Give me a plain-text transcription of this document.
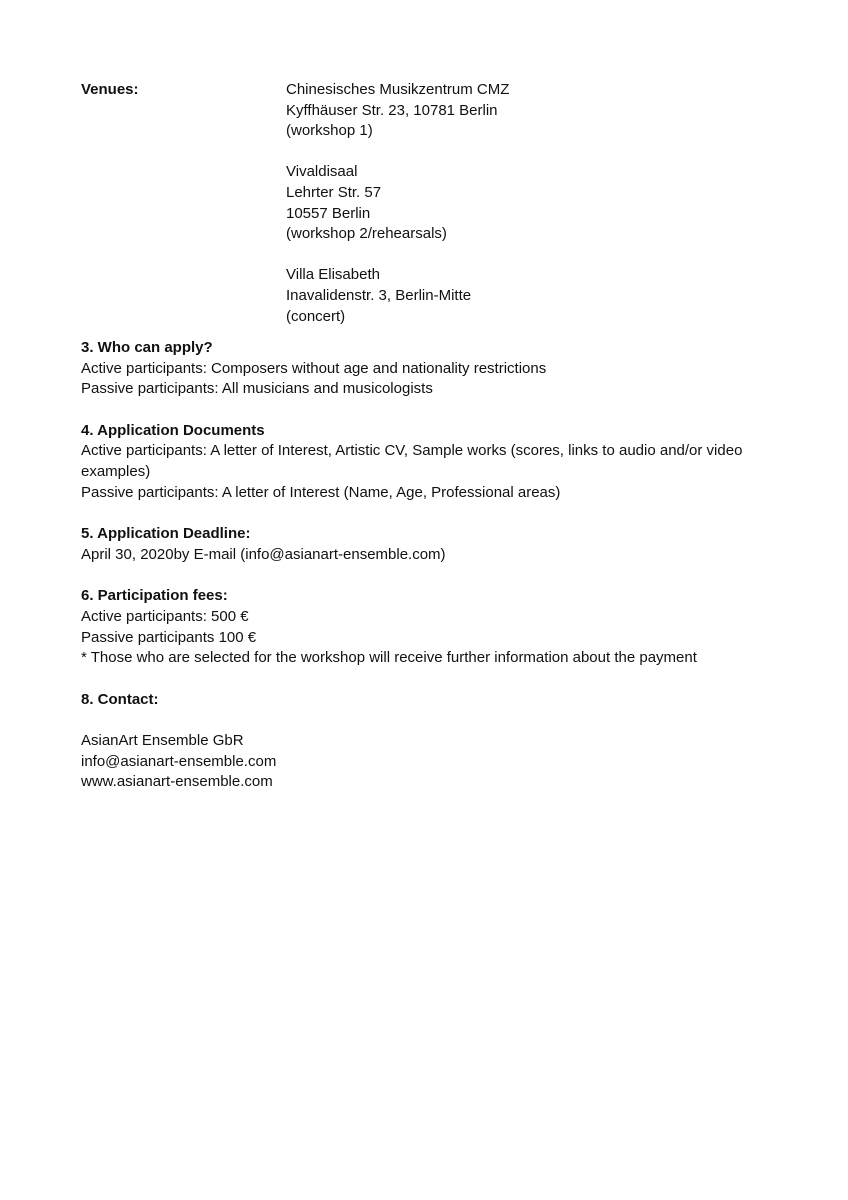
Venues:	Chinesisches Musikzentrum CMZ
Kyffhäuser Str. 23, 10781 Berlin
(workshop 1)
Vivaldisaal
Lehrter Str. 57
10557 Berlin
(workshop 2/rehearsals)
Villa Elisabeth
Inavalidenstr. 3, Berlin-Mitte
(concert)
3. Who can apply?
Active participants: Composers without age and nationality restrictions
Passive participants: All musicians and musicologists
4. Application Documents
Active participants: A letter of Interest, Artistic CV, Sample works (scores, links to audio and/or video examples)
Passive participants: A letter of Interest (Name, Age, Professional areas)
5. Application Deadline:
April 30, 2020by E-mail (info@asianart-ensemble.com)
6. Participation fees:
Active participants: 500 €
Passive participants 100 €
* Those who are selected for the workshop will receive further information about the payment
8. Contact:
AsianArt Ensemble GbR
info@asianart-ensemble.com
www.asianart-ensemble.com
